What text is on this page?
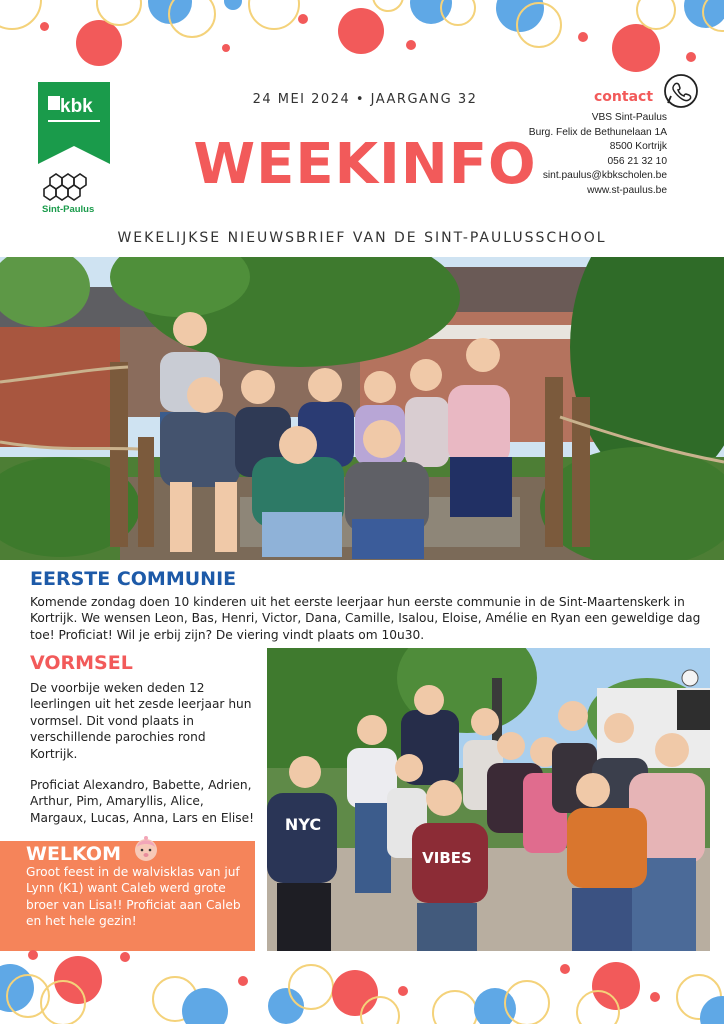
kbk
Sint-Paulus
24 MEI 2024 • JAARGANG 32
WEEKINFO
contact
VBS Sint-Paulus
Burg. Felix de Bethunelaan 1A
8500 Kortrijk
056 21 32 10
sint.paulus@kbkscholen.be
www.st-paulus.be
WEKELIJKSE NIEUWSBRIEF VAN DE SINT-PAULUSSCHOOL
EERSTE COMMUNIE

Komende zondag doen 10 kinderen uit het eerste leerjaar hun eerste communie in de Sint-Maartenskerk in Kortrijk. We wensen Leon, Bas, Henri, Victor, Dana, Camille, Isalou, Eloise, Amélie en Ryan een geweldige dag toe! Proficiat! Wil je erbij zijn? De viering vindt plaats om 10u30.

VORMSEL

De voorbije weken deden 12 leerlingen uit het zesde leerjaar hun vormsel. Dit vond plaats in verschillende parochies rond Kortrijk.

Proficiat Alexandro, Babette, Adrien, Arthur, Pim, Amaryllis, Alice, Margaux, Lucas, Anna, Lars en Elise! NYC
VIBES
WELKOM

Groot feest in de walvisklas van juf Lynn (K1) want Caleb werd grote broer van Lisa!! Proficiat aan Caleb en het hele gezin!
